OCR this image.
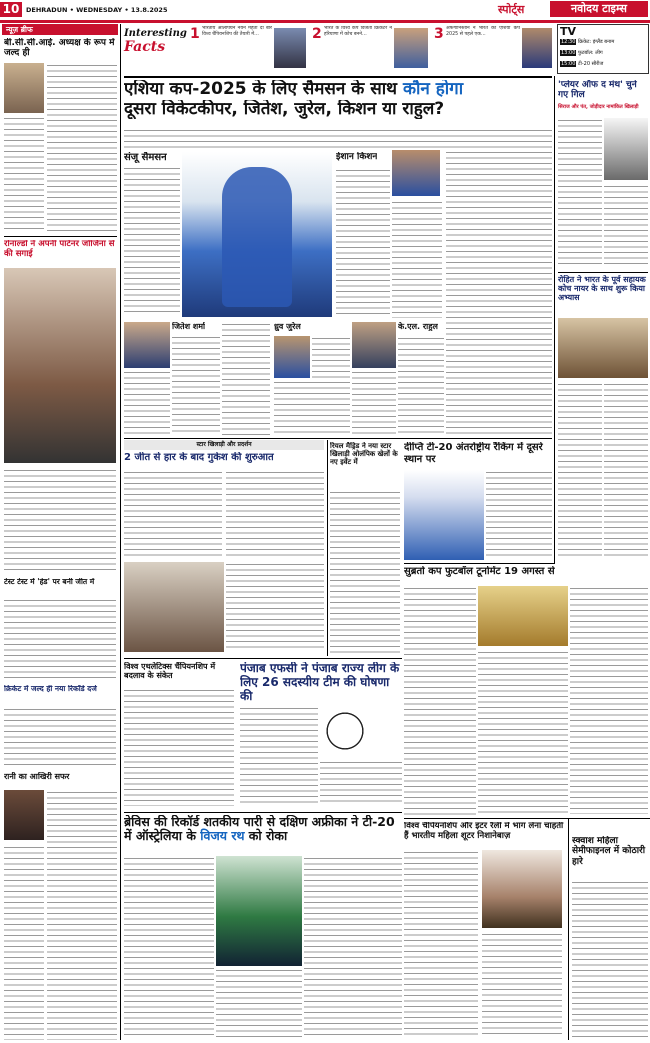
10	DEHRADUN • WEDNESDAY • 13.8.2025	स्पोर्ट्स	नवोदय टाइम्स
न्यूज़ ब्रीफ
बी.सी.सी.आई. अध्यक्ष के रूप में जल्द ही
रोनाल्डो ने अपनी पार्टनर जॉर्जिना से की सगाई
टेस्ट टेस्ट में 'हेड' पर बनी जीत में
क्रिकेट में जल्द ही नया रिकॉर्ड दर्ज
रानी का आखिरी सफर
Interesting
Facts
1 भारतीय ओलंपियन नयन मेहता दो बार विश्व चैंपियनशिप की तैयारी में…	2 भारत के विश्व कप विजेता क्रिकेटर ने हरियाणा में कोच बनने…	3 अफगानिस्तान ने भारत को एशिया कप 2025 से पहले एक…	TV
12:30 क्रिकेट: इंग्लैंड बनाम
13:00 फुटबॉल: लीग
15:00 टी-20 सीरीज
एशिया कप-2025 के लिए सैमसन के साथ कौन होगा
दूसरा विकेटकीपर, जितेश, जुरेल, किशन या राहुल?
संजू सैमसन	ईशान किशन
जितेश शर्मा	ध्रुव जुरेल	के.एल. राहुल
स्टार खिलाड़ी और प्रदर्शन
2 जीत से हार के बाद गुकेश की शुरुआत
रियल मैड्रिड ने नया स्टार खिलाड़ी ओलंपिक खेलों के नए इवेंट में
दीप्ति टी-20 अंतर्राष्ट्रीय रैंकिंग में दूसरे स्थान पर
सुब्रतो कप फुटबॉल टूर्नामेंट 19 अगस्त से
विश्व एथलेटिक्स चैंपियनशिप में बदलाव के संकेत
पंजाब एफसी ने पंजाब राज्य लीग के लिए 26 सदस्यीय टीम की घोषणा की
ब्रेविस की रिकॉर्ड शतकीय पारी से दक्षिण अफ्रीका ने टी-20 में ऑस्ट्रेलिया के विजय रथ को रोका
विश्व चैंपियनशिप और इंटर रैली में भाग लेना चाहती हैं भारतीय महिला शूटर निशानेबाज़
स्क्वाश महिला सेमीफाइनल में कोठारी हारे
'प्लेयर ऑफ द मंथ' चुने गए गिल
सिराज और पंत, जोड़ीदार नामांकित खिलाड़ी
रोहित ने भारत के पूर्व सहायक कोच नायर के साथ शुरू किया अभ्यास
